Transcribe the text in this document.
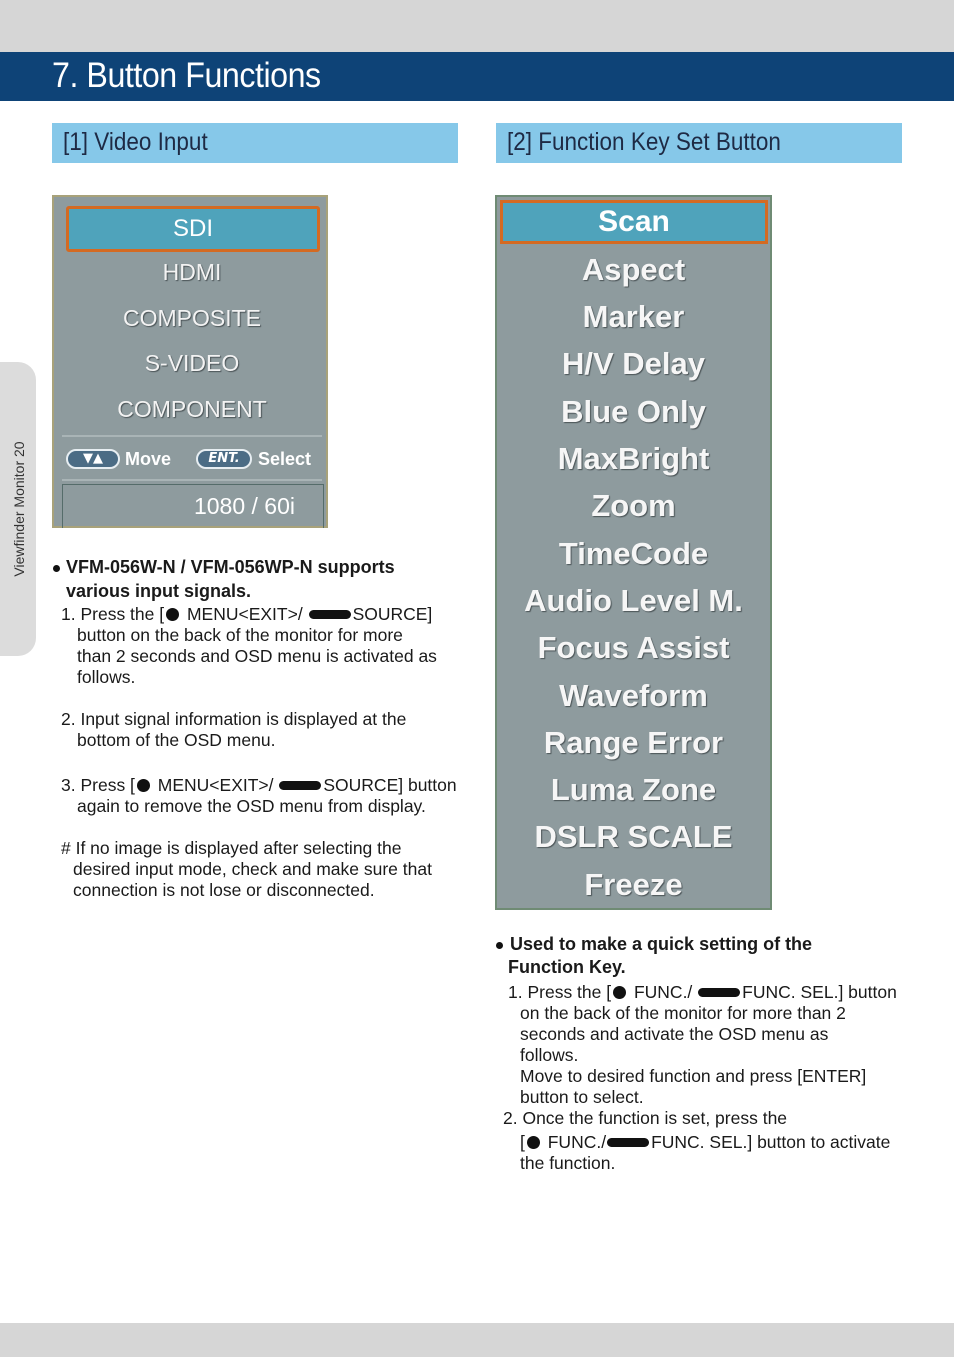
7. Button Functions
Viewfinder Monitor 20
[1] Video Input	[2] Function Key Set Button
SDI
HDMI
COMPOSITE
S-VIDEO
COMPONENT
▼▲	Move	ENT.	Select
1080 / 60i
Scan
Aspect
Marker
H/V Delay
Blue Only
MaxBright
Zoom
TimeCode
Audio Level M.
Focus Assist
Waveform
Range Error
Luma Zone
DSLR SCALE
Freeze
VFM-056W-N / VFM-056WP-N supports
various input signals.
1. Press the [ MENU<EXIT>/	SOURCE]
button on the back of the monitor for more
than 2 seconds and OSD menu is activated as
follows.
2. Input signal information is displayed at the
bottom of the OSD menu.
3. Press [ MENU<EXIT>/	SOURCE] button
again to remove the OSD menu from display.
# If no image is displayed after selecting the
desired input mode, check and make sure that
connection is not lose or disconnected.
Used to make a quick setting of the
Function Key.
1. Press the [ FUNC./	FUNC. SEL.] button
on the back of the monitor for more than 2
seconds and activate the OSD menu as
follows.
Move to desired function and press [ENTER]
button to select.
2. Once the function is set, press the
[ FUNC./	FUNC. SEL.] button to activate
the function.
